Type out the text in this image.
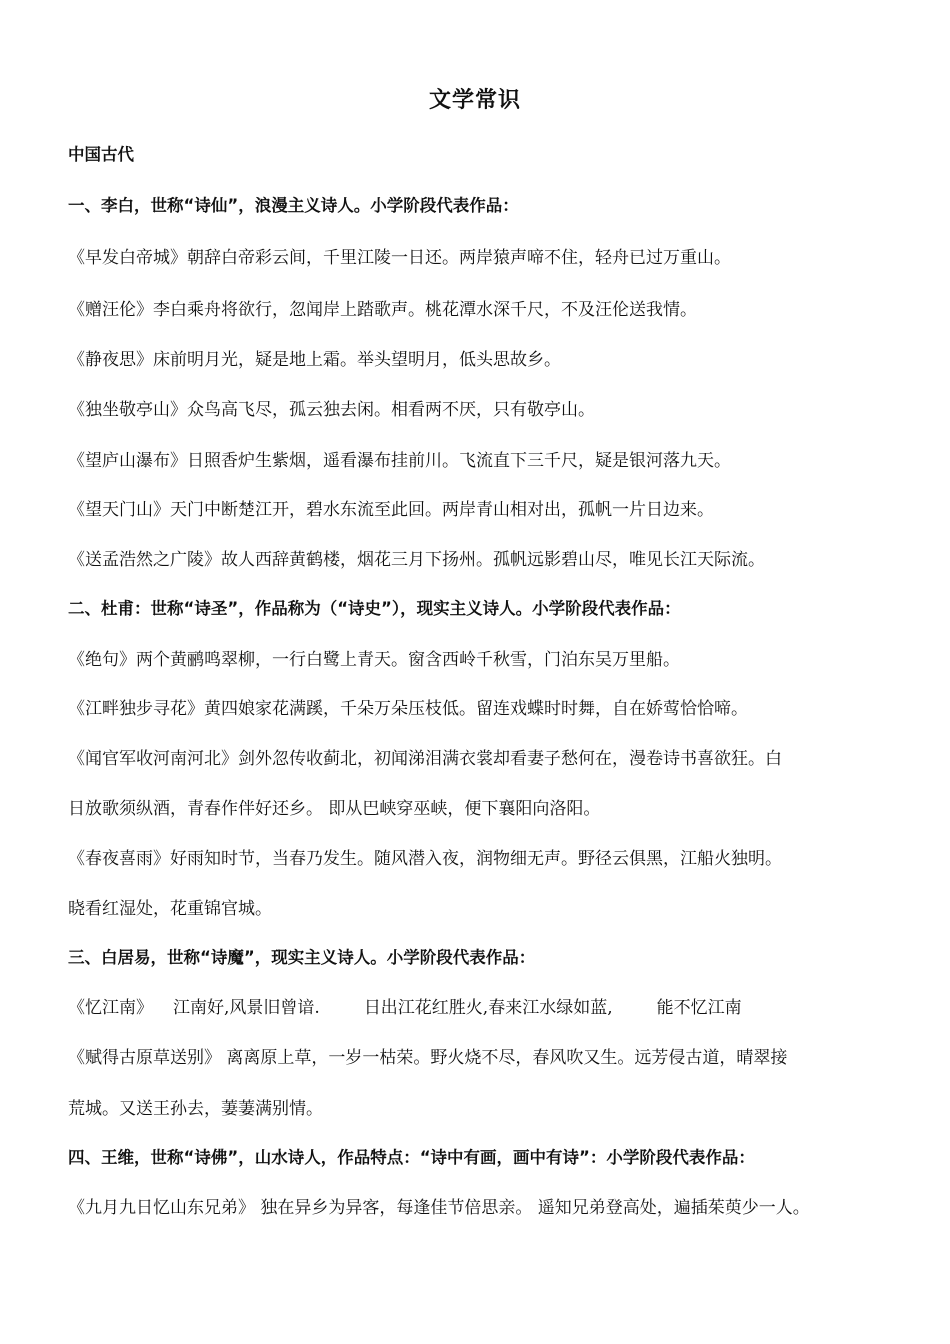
文学常识
中国古代
一、李白，世称“诗仙”，浪漫主义诗人。小学阶段代表作品：
《早发白帝城》朝辞白帝彩云间，千里江陵一日还。两岸猿声啼不住，轻舟已过万重山。
《赠汪伦》李白乘舟将欲行，忽闻岸上踏歌声。桃花潭水深千尺，不及汪伦送我情。
《静夜思》床前明月光，疑是地上霜。举头望明月，低头思故乡。
《独坐敬亭山》众鸟高飞尽，孤云独去闲。相看两不厌，只有敬亭山。
《望庐山瀑布》日照香炉生紫烟，遥看瀑布挂前川。飞流直下三千尺，疑是银河落九天。
《望天门山》天门中断楚江开，碧水东流至此回。两岸青山相对出，孤帆一片日边来。
《送孟浩然之广陵》故人西辞黄鹤楼，烟花三月下扬州。孤帆远影碧山尽，唯见长江天际流。
二、杜甫：世称“诗圣”，作品称为（“诗史”），现实主义诗人。小学阶段代表作品：
《绝句》两个黄鹂鸣翠柳，一行白鹭上青天。窗含西岭千秋雪，门泊东吴万里船。
《江畔独步寻花》黄四娘家花满蹊，千朵万朵压枝低。留连戏蝶时时舞，自在娇莺恰恰啼。
《闻官军收河南河北》剑外忽传收蓟北，初闻涕泪满衣裳却看妻子愁何在，漫卷诗书喜欲狂。白
日放歌须纵酒，青春作伴好还乡。 即从巴峡穿巫峡，便下襄阳向洛阳。
《春夜喜雨》好雨知时节，当春乃发生。随风潜入夜，润物细无声。野径云俱黑，江船火独明。
晓看红湿处，花重锦官城。
三、白居易，世称“诗魔”，现实主义诗人。小学阶段代表作品：
《忆江南》 江南好,风景旧曾谙.	日出江花红胜火,春来江水绿如蓝,	能不忆江南
《赋得古原草送别》 离离原上草，一岁一枯荣。野火烧不尽，春风吹又生。远芳侵古道，晴翠接
荒城。又送王孙去，萋萋满别情。
四、王维，世称“诗佛”，山水诗人，作品特点：“诗中有画，画中有诗”：小学阶段代表作品：
《九月九日忆山东兄弟》 独在异乡为异客，每逢佳节倍思亲。 遥知兄弟登高处，遍插茱萸少一人。
